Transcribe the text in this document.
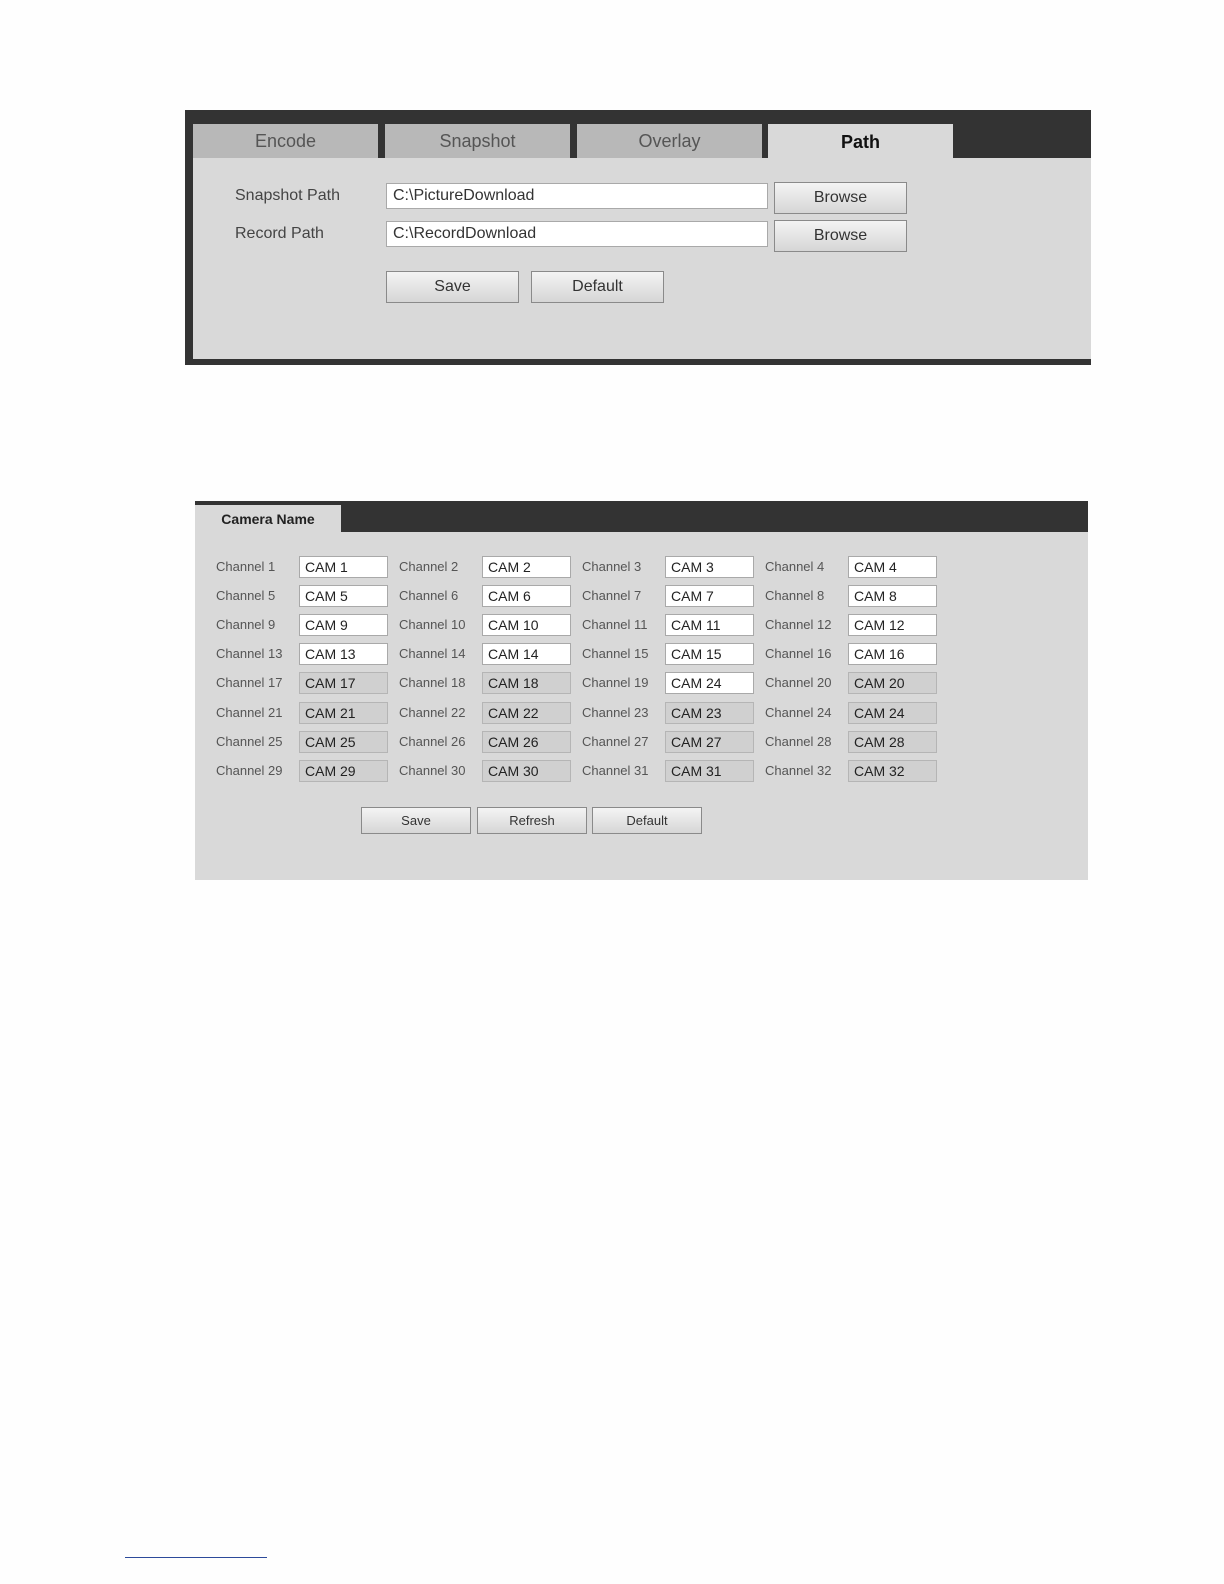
Encode	Snapshot	Overlay	Path
Snapshot Path	C:\PictureDownload	Browse
Record Path	C:\RecordDownload	Browse
Save	Default
Camera Name
Channel 1	CAM 1	Channel 2	CAM 2	Channel 3	CAM 3	Channel 4	CAM 4
Channel 5	CAM 5	Channel 6	CAM 6	Channel 7	CAM 7	Channel 8	CAM 8
Channel 9	CAM 9	Channel 10	CAM 10	Channel 11	CAM 11	Channel 12	CAM 12
Channel 13	CAM 13	Channel 14	CAM 14	Channel 15	CAM 15	Channel 16	CAM 16
Channel 17	CAM 17	Channel 18	CAM 18	Channel 19	CAM 24	Channel 20	CAM 20
Channel 21	CAM 21	Channel 22	CAM 22	Channel 23	CAM 23	Channel 24	CAM 24
Channel 25	CAM 25	Channel 26	CAM 26	Channel 27	CAM 27	Channel 28	CAM 28
Channel 29	CAM 29	Channel 30	CAM 30	Channel 31	CAM 31	Channel 32	CAM 32
Save	Refresh	Default
